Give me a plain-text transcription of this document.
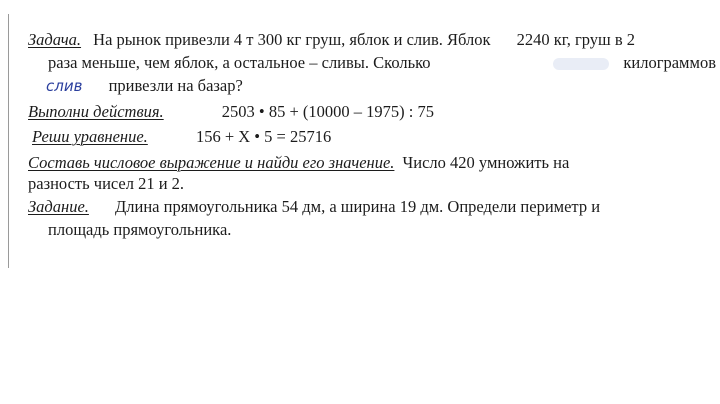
Задача. На рынок привезли 4 т 300 кг груш, яблок и слив. Яблок 2240 кг, груш в 2
раза меньше, чем яблок, а остальное – сливы. Сколько	килограммов
слив привезли на базар?
Выполни действия.	2503 • 85 + (10000 – 1975) : 75
Реши уравнение.	156 + X • 5 = 25716
Составь числовое выражение и найди его значение. Число 420 умножить на
разность чисел 21 и 2.
Задание. Длина прямоугольника 54 дм, а ширина 19 дм. Определи периметр и
площадь прямоугольника.
